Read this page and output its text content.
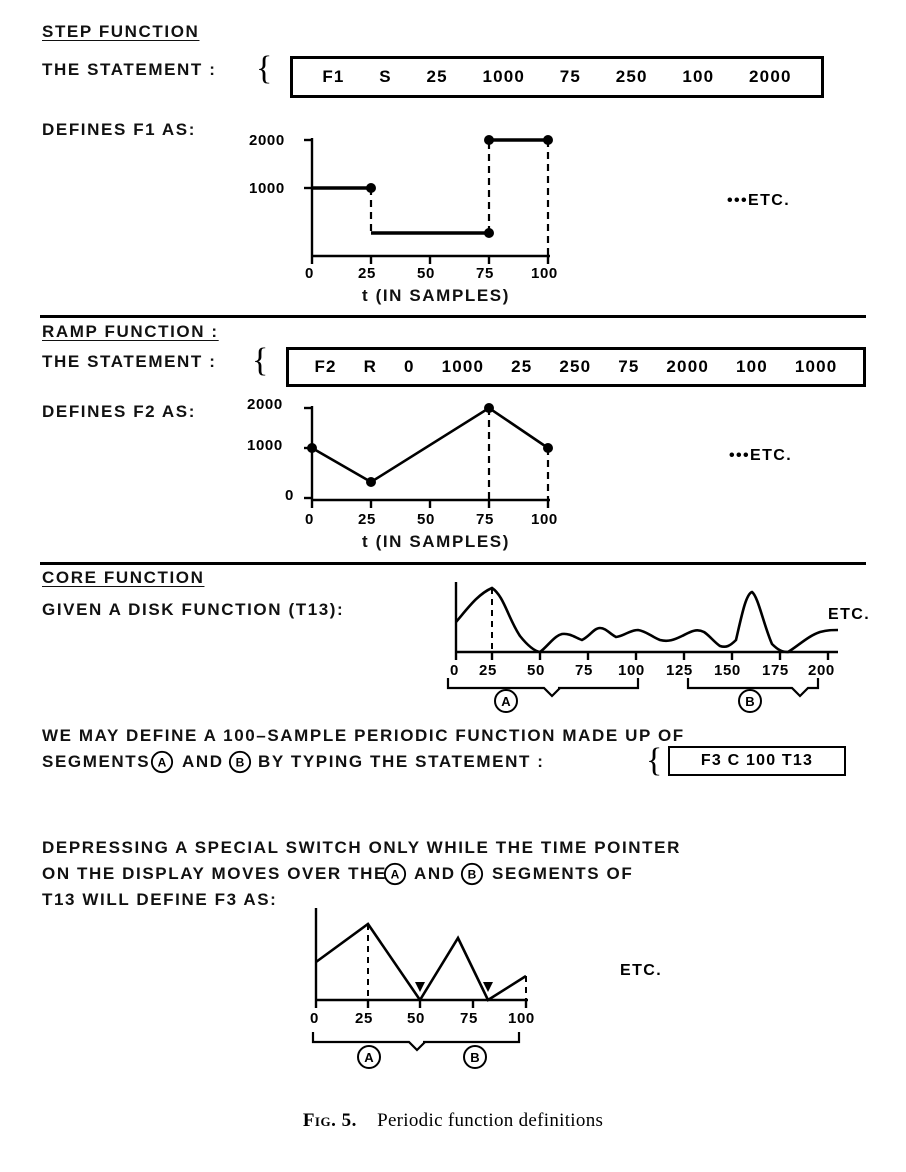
STEP FUNCTION
THE STATEMENT : {	F1 S 25 1000 75 250 100 2000
DEFINES F1 AS:
2000
1000
0	25	50	75 100
•••ETC.
t (IN SAMPLES)
RAMP FUNCTION :
THE STATEMENT : {	F2 R 0 1000 25 250 75 2000 100 1000
DEFINES F2 AS:	2000
1000
0
0	25	50	75 100
•••ETC.
t (IN SAMPLES)
CORE FUNCTION
GIVEN A DISK FUNCTION (T13):
0 25 50 75 100 125 150 175 200
A	B
ETC.
WE MAY DEFINE A 100–SAMPLE PERIODIC FUNCTION MADE UP OF
SEGMENTS A AND B BY TYPING THE STATEMENT :	{ F3 C 100 T13
DEPRESSING A SPECIAL SWITCH ONLY WHILE THE TIME POINTER
ON THE DISPLAY MOVES OVER THE A AND B SEGMENTS OF
T13 WILL DEFINE F3 AS:
0 25 50 75 100
ETC.
A	B
Fig. 5. Periodic function definitions
